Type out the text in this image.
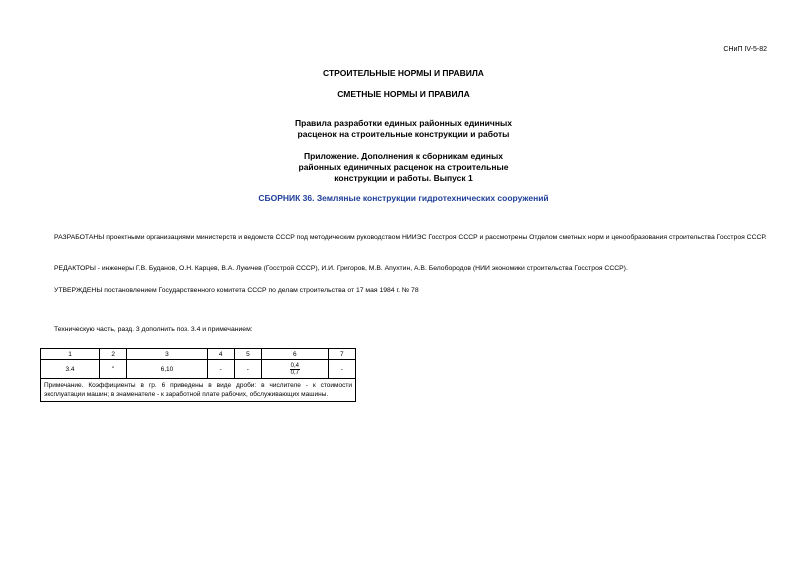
СНиП IV-5-82
СТРОИТЕЛЬНЫЕ НОРМЫ И ПРАВИЛА
СМЕТНЫЕ НОРМЫ И ПРАВИЛА
Правила разработки единых районных единичных
расценок на строительные конструкции и работы
Приложение. Дополнения к сборникам единых
районных единичных расценок на строительные
конструкции и работы. Выпуск 1
СБОРНИК 36. Земляные конструкции гидротехнических сооружений
РАЗРАБОТАНЫ проектными организациями министерств и ведомств СССР под методическим руководством НИИЭС Госстроя СССР и рассмотрены Отделом сметных норм и ценообразования строительства Госстроя СССР.
РЕДАКТОРЫ - инженеры Г.В. Буданов, О.Н. Карцев, В.А. Лукичев (Госстрой СССР), И.И. Григоров, М.В. Апухтин, А.В. Белобородов (НИИ экономики строительства Госстроя СССР).
УТВЕРЖДЕНЫ постановлением Государственного комитета СССР по делам строительства от 17 мая 1984 г. № 78
Техническую часть, разд. 3 дополнить поз. 3.4 и примечанием:
1	2	3	4	5	6	7
3.4	"	6,10	-	-	$\frac{0,4}{0,7}$	-
Примечание. Коэффициенты в гр. 6 приведены в виде дроби: в числителе - к стоимости эксплуатации машин; в знаменателе - к заработной плате рабочих, обслуживающих машины.						
